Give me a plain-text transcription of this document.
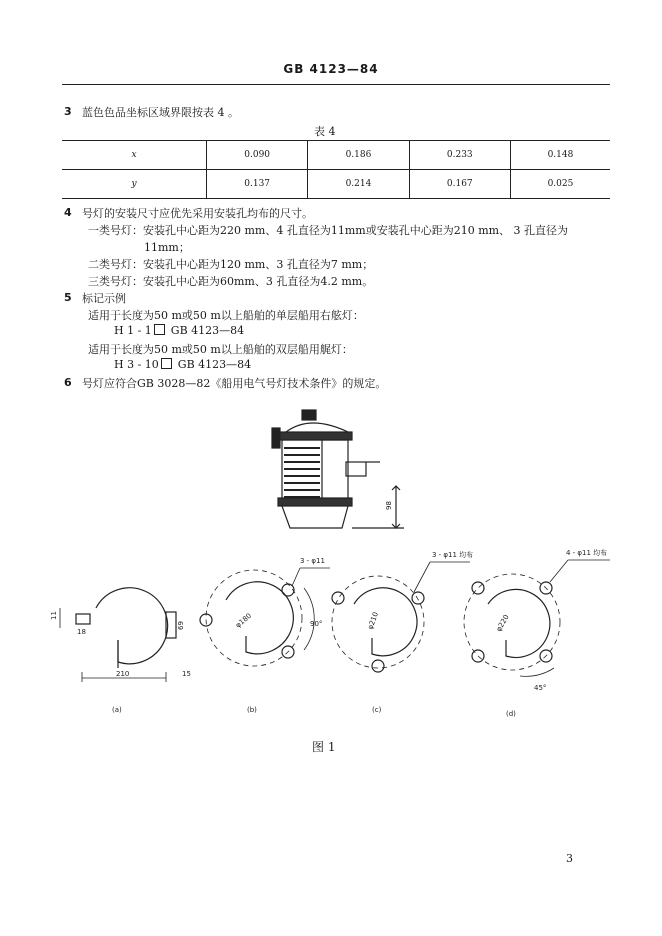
GB 4123—84
3 蓝色色品坐标区域界限按表 4 。
表 4
x	0.090	0.186	0.233	0.148
y	0.137	0.214	0.167	0.025
4 号灯的安装尺寸应优先采用安装孔均布的尺寸。
一类号灯：安装孔中心距为220 mm、4 孔直径为11mm或安装孔中心距为210 mm、 3 孔直径为
11mm；
二类号灯：安装孔中心距为120 mm、3 孔直径为7 mm；
三类号灯：安装孔中心距为60mm、3 孔直径为4.2 mm。
5 标记示例
适用于长度为50 m或50 m以上船舶的单层船用右舷灯：
H 1 - 1 GB 4123—84
适用于长度为50 m或50 m以上船舶的双层船用艉灯：
H 3 - 10 GB 4123—84
6 号灯应符合GB 3028—82《船用电气号灯技术条件》的规定。
98
11
18
69
210	15
3 - φ11
φ180	90°
3 - φ11 均布
φ210
4 - φ11 均布
φ220
45°
(a)	(b)	(c)	(d)
图 1
3
